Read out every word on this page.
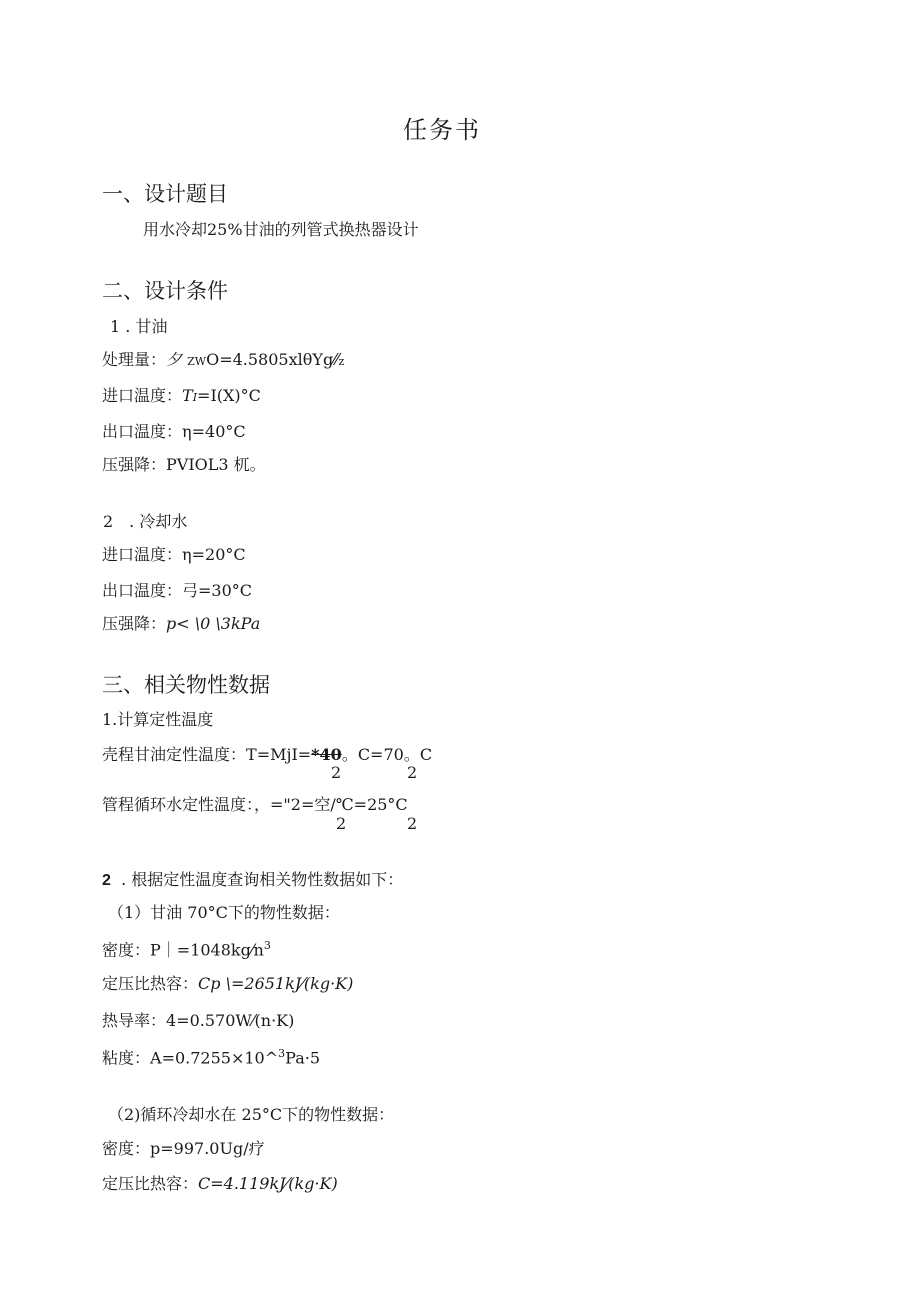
任务书
一、设计题目
用水冷却25%甘油的列管式换热器设计
二、设计条件
1 . 甘油
处理量：夕 ZWO=4.5805xlθYg⁄⁄z
进口温度：TI=I(X)°C
出口温度：η=40°C
压强降：PVIOL3 杌。
2　. 冷却水
进口温度：η=20°C
出口温度：弓=30°C
压强降：p< \0 \3kPa
三、相关物性数据
1.计算定性温度
壳程甘油定性温度：T=MjI=*40。C=70。C
2	2
管程循环水定性温度：，="2=空/℃=25°C
2	2
2 . 根据定性温度查询相关物性数据如下：
（1）甘油 70°C下的物性数据：
密度：$P|=1048kg⁄n^3$
定压比热容：Cp \=2651kJ⁄(kg·K)
热导率：4=0.570W⁄(n·K)
粘度：A=0.7255×10^$^3$Pa·5
（2)循环冷却水在 25°C下的物性数据：
密度：p=997.0Ug/疗
定压比热容：C=4.119kJ⁄(kg·K)
